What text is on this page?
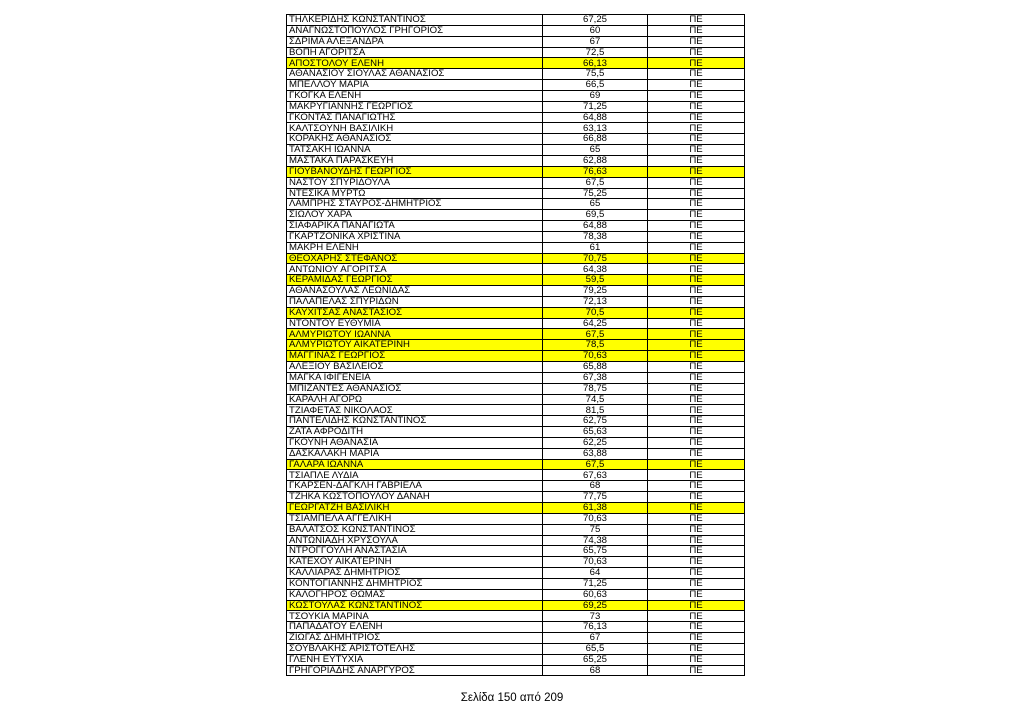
ΤΗΛΚΕΡΙΔΗΣ ΚΩΝΣΤΑΝΤΙΝΟΣ	67,25	ΠΕ
ΑΝΑΓΝΩΣΤΟΠΟΥΛΟΣ ΓΡΗΓΟΡΙΟΣ	60	ΠΕ
ΣΔΡΙΜΑ ΑΛΕΞΑΝΔΡΑ	67	ΠΕ
ΒΟΠΗ ΑΓΟΡΙΤΣΑ	72,5	ΠΕ
ΑΠΟΣΤΟΛΟΥ ΕΛΕΝΗ	66,13	ΠΕ
ΑΘΑΝΑΣΙΟΥ ΣΙΟΥΛΑΣ ΑΘΑΝΑΣΙΟΣ	75,5	ΠΕ
ΜΠΕΛΛΟΥ ΜΑΡΙΑ	66,5	ΠΕ
ΓΚΟΓΚΑ ΕΛΕΝΗ	69	ΠΕ
ΜΑΚΡΥΓΙΑΝΝΗΣ ΓΕΩΡΓΙΟΣ	71,25	ΠΕ
ΓΚΟΝΤΑΣ ΠΑΝΑΓΙΩΤΗΣ	64,88	ΠΕ
ΚΑΛΤΣΟΥΝΗ ΒΑΣΙΛΙΚΗ	63,13	ΠΕ
ΚΟΡΑΚΗΣ ΑΘΑΝΑΣΙΟΣ	66,88	ΠΕ
ΤΑΤΣΑΚΗ ΙΩΑΝΝΑ	65	ΠΕ
ΜΑΣΤΑΚΑ ΠΑΡΑΣΚΕΥΗ	62,88	ΠΕ
ΓΙΟΥΒΑΝΟΥΔΗΣ ΓΕΩΡΓΙΟΣ	76,63	ΠΕ
ΝΑΣΤΟΥ ΣΠΥΡΙΔΟΥΛΑ	67,5	ΠΕ
ΝΤΕΣΙΚΑ ΜΥΡΤΩ	75,25	ΠΕ
ΛΑΜΠΡΗΣ ΣΤΑΥΡΟΣ-ΔΗΜΗΤΡΙΟΣ	65	ΠΕ
ΣΙΩΛΟΥ ΧΑΡΑ	69,5	ΠΕ
ΣΙΑΦΑΡΙΚΑ ΠΑΝΑΓΙΩΤΑ	64,88	ΠΕ
ΓΚΑΡΤΖΟΝΙΚΑ ΧΡΙΣΤΙΝΑ	78,38	ΠΕ
ΜΑΚΡΗ ΕΛΕΝΗ	61	ΠΕ
ΘΕΟΧΑΡΗΣ ΣΤΕΦΑΝΟΣ	70,75	ΠΕ
ΑΝΤΩΝΙΟΥ ΑΓΟΡΙΤΣΑ	64,38	ΠΕ
ΚΕΡΑΜΙΔΑΣ ΓΕΩΡΓΙΟΣ	59,5	ΠΕ
ΑΘΑΝΑΣΟΥΛΑΣ ΛΕΩΝΙΔΑΣ	79,25	ΠΕ
ΠΑΛΑΠΕΛΑΣ ΣΠΥΡΙΔΩΝ	72,13	ΠΕ
ΚΑΥΧΙΤΣΑΣ ΑΝΑΣΤΑΣΙΟΣ	70,5	ΠΕ
ΝΤΟΝΤΟΥ ΕΥΘΥΜΙΑ	64,25	ΠΕ
ΑΛΜΥΡΙΩΤΟΥ ΙΩΑΝΝΑ	67,5	ΠΕ
ΑΛΜΥΡΙΩΤΟΥ ΑΙΚΑΤΕΡΙΝΗ	78,5	ΠΕ
ΜΑΓΓΙΝΑΣ ΓΕΩΡΓΙΟΣ	70,63	ΠΕ
ΑΛΕΞΙΟΥ ΒΑΣΙΛΕΙΟΣ	65,88	ΠΕ
ΜΑΓΚΑ ΙΦΙΓΕΝΕΙΑ	67,38	ΠΕ
ΜΠΙΖΑΝΤΕΣ ΑΘΑΝΑΣΙΟΣ	78,75	ΠΕ
ΚΑΡΑΛΗ ΑΓΟΡΩ	74,5	ΠΕ
ΤΖΙΑΦΕΤΑΣ ΝΙΚΟΛΑΟΣ	81,5	ΠΕ
ΠΑΝΤΕΛΙΔΗΣ ΚΩΝΣΤΑΝΤΙΝΟΣ	62,75	ΠΕ
ΖΑΤΑ ΑΦΡΟΔΙΤΗ	65,63	ΠΕ
ΓΚΟΥΝΗ ΑΘΑΝΑΣΙΑ	62,25	ΠΕ
ΔΑΣΚΑΛΑΚΗ ΜΑΡΙΑ	63,88	ΠΕ
ΓΑΛΑΡΑ ΙΩΑΝΝΑ	67,5	ΠΕ
ΤΣΙΑΠΛΕ ΛΥΔΙΑ	67,63	ΠΕ
ΓΚΑΡΣΕΝ-ΔΑΓΚΛΗ ΓΑΒΡΙΕΛΑ	68	ΠΕ
ΤΖΗΚΑ ΚΩΣΤΟΠΟΥΛΟΥ ΔΑΝΑΗ	77,75	ΠΕ
ΓΕΩΡΓΑΤΖΗ ΒΑΣΙΛΙΚΗ	61,38	ΠΕ
ΤΣΙΑΜΠΕΛΑ ΑΓΓΕΛΙΚΗ	70,63	ΠΕ
ΒΑΛΑΤΣΟΣ ΚΩΝΣΤΑΝΤΙΝΟΣ	75	ΠΕ
ΑΝΤΩΝΙΑΔΗ ΧΡΥΣΟΥΛΑ	74,38	ΠΕ
ΝΤΡΟΓΓΟΥΛΗ ΑΝΑΣΤΑΣΙΑ	65,75	ΠΕ
ΚΑΤΕΧΟΥ ΑΙΚΑΤΕΡΙΝΗ	70,63	ΠΕ
ΚΑΛΛΙΑΡΑΣ ΔΗΜΗΤΡΙΟΣ	64	ΠΕ
ΚΟΝΤΟΓΙΑΝΝΗΣ ΔΗΜΗΤΡΙΟΣ	71,25	ΠΕ
ΚΑΛΟΓΗΡΟΣ ΘΩΜΑΣ	60,63	ΠΕ
ΚΩΣΤΟΥΛΑΣ ΚΩΝΣΤΑΝΤΙΝΟΣ	69,25	ΠΕ
ΤΣΟΥΚΙΑ ΜΑΡΙΝΑ	73	ΠΕ
ΠΑΠΑΔΑΤΟΥ ΕΛΕΝΗ	76,13	ΠΕ
ΖΙΩΓΑΣ ΔΗΜΗΤΡΙΟΣ	67	ΠΕ
ΣΟΥΒΛΑΚΗΣ ΑΡΙΣΤΟΤΕΛΗΣ	65,5	ΠΕ
ΓΛΕΝΗ ΕΥΤΥΧΙΑ	65,25	ΠΕ
ΓΡΗΓΟΡΙΑΔΗΣ ΑΝΑΡΓΥΡΟΣ	68	ΠΕ
Σελίδα 150 από 209
